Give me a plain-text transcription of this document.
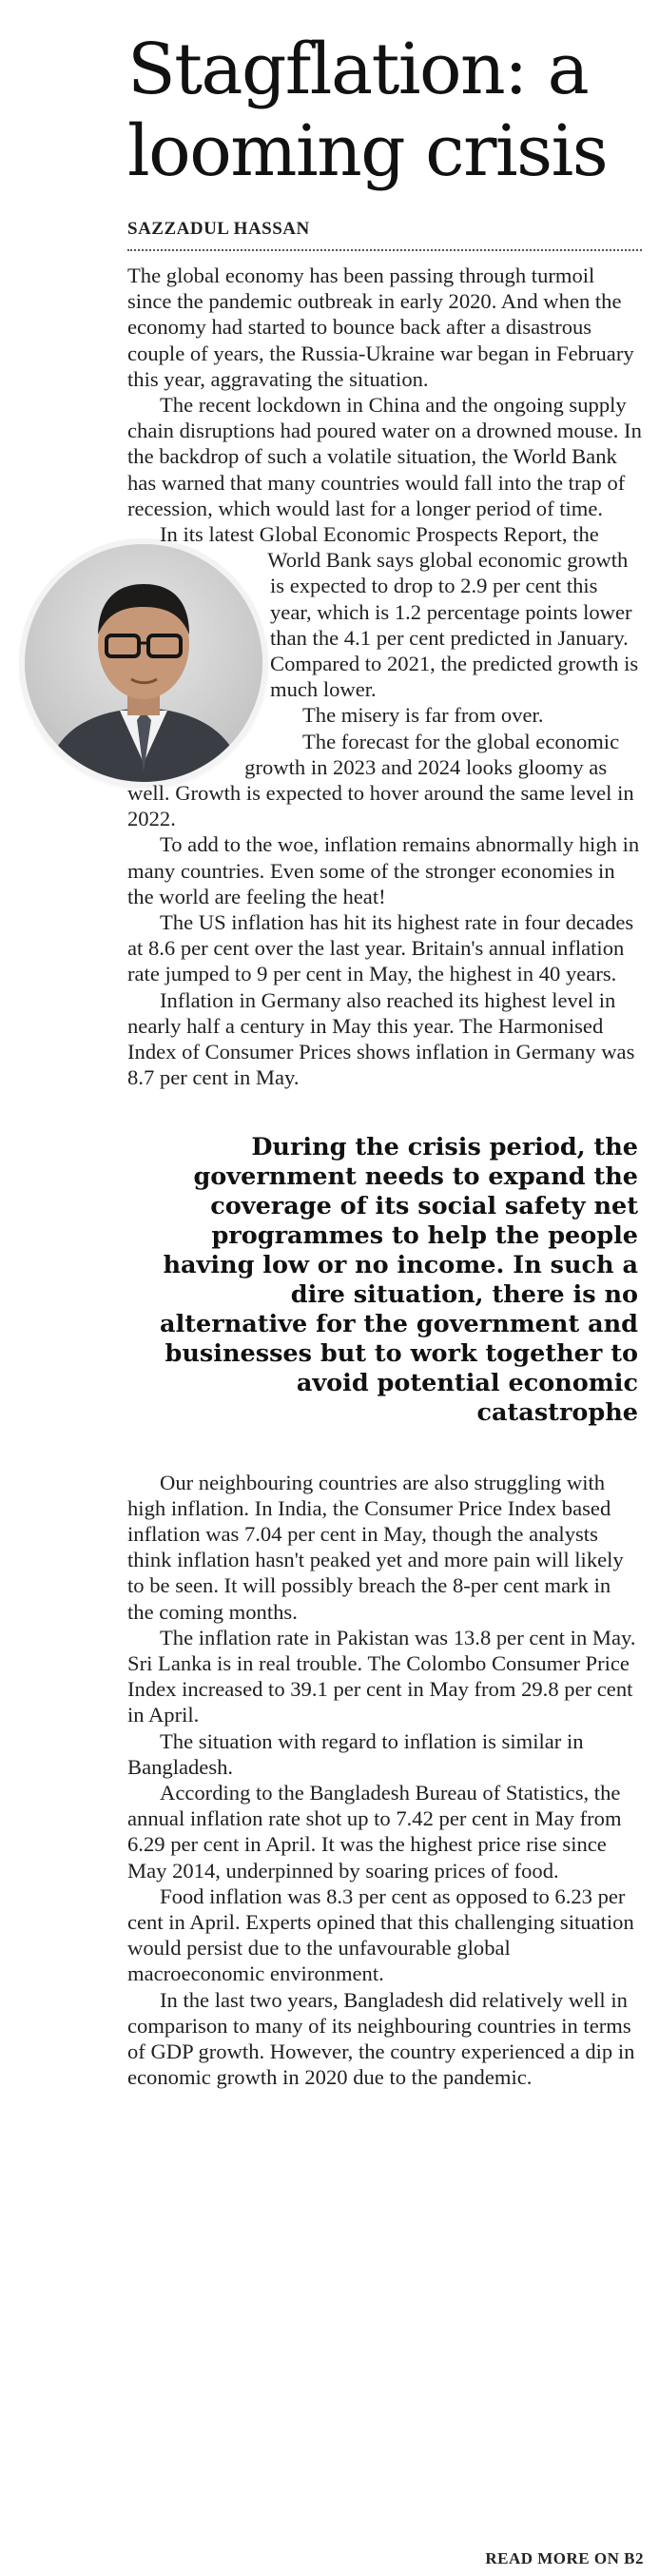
Stagflation: a
looming crisis
SAZZADUL HASSAN

The global economy has been passing through turmoil since the pandemic outbreak in early 2020. And when the economy had started to bounce back after a disastrous couple of years, the Russia-Ukraine war began in February this year, aggravating the situation.

The recent lockdown in China and the ongoing supply chain disruptions had poured water on a drowned mouse. In the backdrop of such a volatile situation, the World Bank has warned that many countries would fall into the trap of recession, which would last for a longer period of time.

In its latest Global Economic Prospects Report, the World Bank says global economic growth is expected to drop to 2.9 per cent this year, which is 1.2 percentage points lower than the 4.1 per cent predicted in January. Compared to 2021, the predicted growth is much lower.

The misery is far from over.

The forecast for the global economic growth in 2023 and 2024 looks gloomy as well. Growth is expected to hover around the same level in 2022.

To add to the woe, inflation remains abnormally high in many countries. Even some of the stronger economies in the world are feeling the heat!

The US inflation has hit its highest rate in four decades at 8.6 per cent over the last year. Britain's annual inflation rate jumped to 9 per cent in May, the highest in 40 years.

Inflation in Germany also reached its highest level in nearly half a century in May this year. The Harmonised Index of Consumer Prices shows inflation in Germany was 8.7 per cent in May.

During the crisis period, the government needs to expand the coverage of its social safety net programmes to help the people having low or no income. In such a dire situation, there is no alternative for the government and businesses but to work together to avoid potential economic catastrophe

Our neighbouring countries are also struggling with high inflation. In India, the Consumer Price Index based inflation was 7.04 per cent in May, though the analysts think inflation hasn't peaked yet and more pain will likely to be seen. It will possibly breach the 8-per cent mark in the coming months.

The inflation rate in Pakistan was 13.8 per cent in May. Sri Lanka is in real trouble. The Colombo Consumer Price Index increased to 39.1 per cent in May from 29.8 per cent in April.

The situation with regard to inflation is similar in Bangladesh.

According to the Bangladesh Bureau of Statistics, the annual inflation rate shot up to 7.42 per cent in May from 6.29 per cent in April. It was the highest price rise since May 2014, underpinned by soaring prices of food.

Food inflation was 8.3 per cent as opposed to 6.23 per cent in April. Experts opined that this challenging situation would persist due to the unfavourable global macroeconomic environment.

In the last two years, Bangladesh did relatively well in comparison to many of its neighbouring countries in terms of GDP growth. However, the country experienced a dip in economic growth in 2020 due to the pandemic.

READ MORE ON B2
